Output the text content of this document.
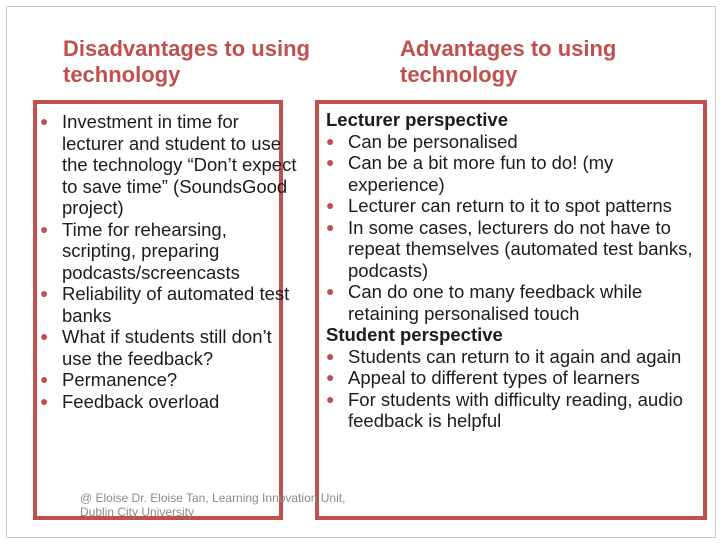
Disadvantages to using technology
Advantages to using technology
● Investment in time for lecturer and student to use the technology “Don’t expect to save time” (SoundsGood project)
● Time for rehearsing, scripting, preparing podcasts/screencasts
● Reliability of automated test banks
● What if students still don’t use the feedback?
● Permanence?
● Feedback overload

Lecturer perspective

● Can be personalised
● Can be a bit more fun to do! (my experience)
● Lecturer can return to it to spot patterns
● In some cases, lecturers do not have to repeat themselves (automated test banks, podcasts)
● Can do one to many feedback while retaining personalised touch

Student perspective

● Students can return to it again and again
● Appeal to different types of learners
● For students with difficulty reading, audio feedback is helpful
@ Eloise Dr. Eloise Tan, Learning Innovation Unit, Dublin City University
